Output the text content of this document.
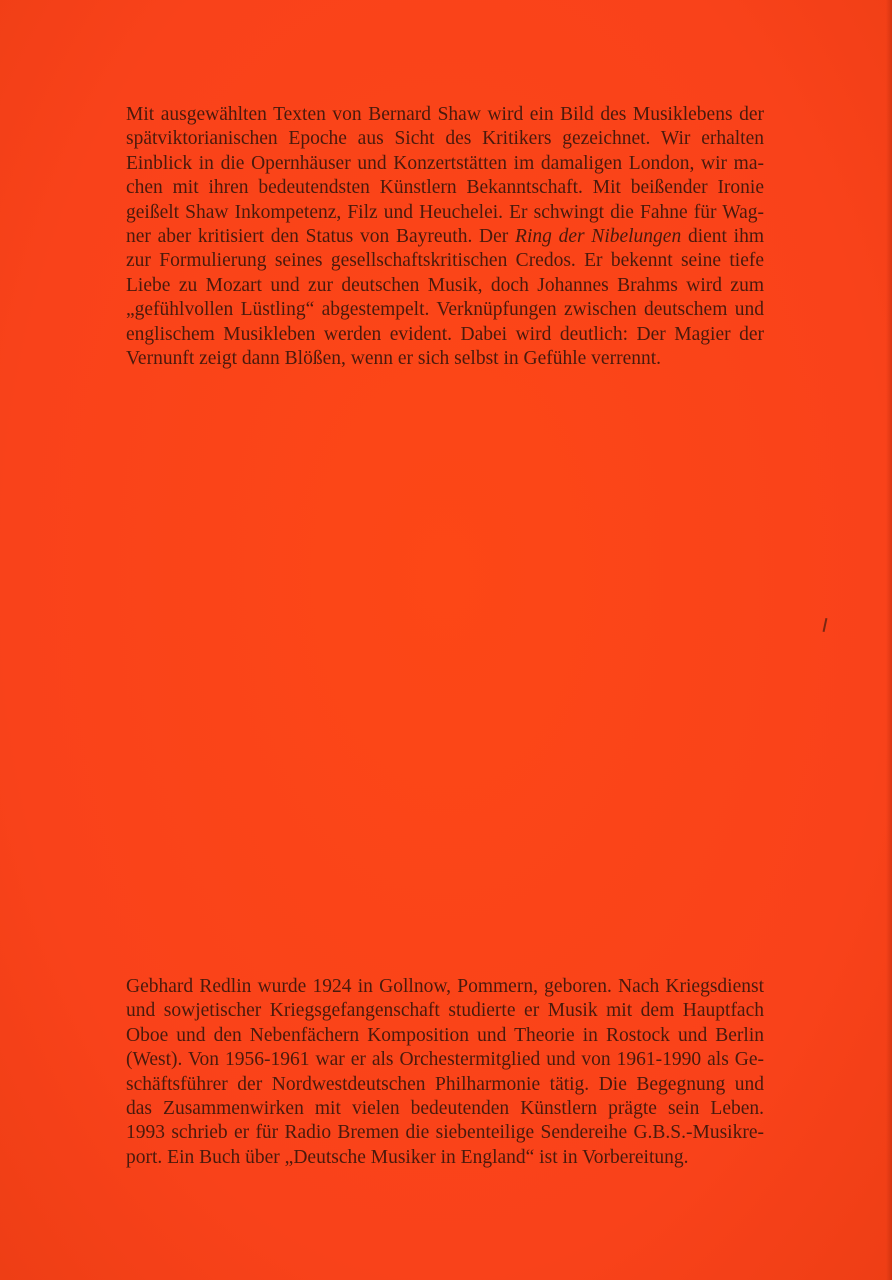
Mit ausgewählten Texten von Bernard Shaw wird ein Bild des Musiklebens der
spätviktorianischen Epoche aus Sicht des Kritikers gezeichnet. Wir erhalten
Einblick in die Opernhäuser und Konzertstätten im damaligen London, wir ma-
chen mit ihren bedeutendsten Künstlern Bekanntschaft. Mit beißender Ironie
geißelt Shaw Inkompetenz, Filz und Heuchelei. Er schwingt die Fahne für Wag-
ner aber kritisiert den Status von Bayreuth. Der Ring der Nibelungen dient ihm
zur Formulierung seines gesellschaftskritischen Credos. Er bekennt seine tiefe
Liebe zu Mozart und zur deutschen Musik, doch Johannes Brahms wird zum
„gefühlvollen Lüstling“ abgestempelt. Verknüpfungen zwischen deutschem und
englischem Musikleben werden evident. Dabei wird deutlich: Der Magier der
Vernunft zeigt dann Blößen, wenn er sich selbst in Gefühle verrennt.
Gebhard Redlin wurde 1924 in Gollnow, Pommern, geboren. Nach Kriegsdienst
und sowjetischer Kriegsgefangenschaft studierte er Musik mit dem Hauptfach
Oboe und den Nebenfächern Komposition und Theorie in Rostock und Berlin
(West). Von 1956-1961 war er als Orchestermitglied und von 1961-1990 als Ge-
schäftsführer der Nordwestdeutschen Philharmonie tätig. Die Begegnung und
das Zusammenwirken mit vielen bedeutenden Künstlern prägte sein Leben.
1993 schrieb er für Radio Bremen die siebenteilige Sendereihe G.B.S.-Musikre-
port. Ein Buch über „Deutsche Musiker in England“ ist in Vorbereitung.
